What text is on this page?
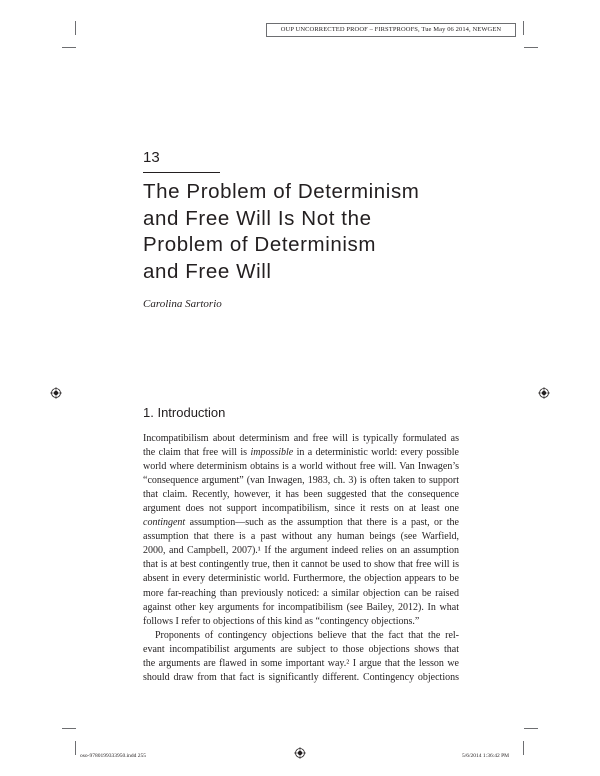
OUP UNCORRECTED PROOF – FIRSTPROOFS, Tue May 06 2014, NEWGEN
13
The Problem of Determinism
and Free Will Is Not the
Problem of Determinism
and Free Will
Carolina Sartorio
1. Introduction
Incompatibilism about determinism and free will is typically formulated as
the claim that free will is impossible in a deterministic world: every possible
world where determinism obtains is a world without free will. Van Inwagen’s
“consequence argument” (van Inwagen, 1983, ch. 3) is often taken to support
that claim. Recently, however, it has been suggested that the consequence
argument does not support incompatibilism, since it rests on at least one
contingent assumption—such as the assumption that there is a past, or the
assumption that there is a past without any human beings (see Warfield,
2000, and Campbell, 2007).¹ If the argument indeed relies on an assumption
that is at best contingently true, then it cannot be used to show that free will is
absent in every deterministic world. Furthermore, the objection appears to be
more far-reaching than previously noticed: a similar objection can be raised
against other key arguments for incompatibilism (see Bailey, 2012). In what
follows I refer to objections of this kind as “contingency objections.”
Proponents of contingency objections believe that the fact that the rel-
evant incompatibilist arguments are subject to those objections shows that
the arguments are flawed in some important way.² I argue that the lesson we
should draw from that fact is significantly different. Contingency objections
oso-9780199333950.indd 255	5/6/2014 1:36:42 PM
